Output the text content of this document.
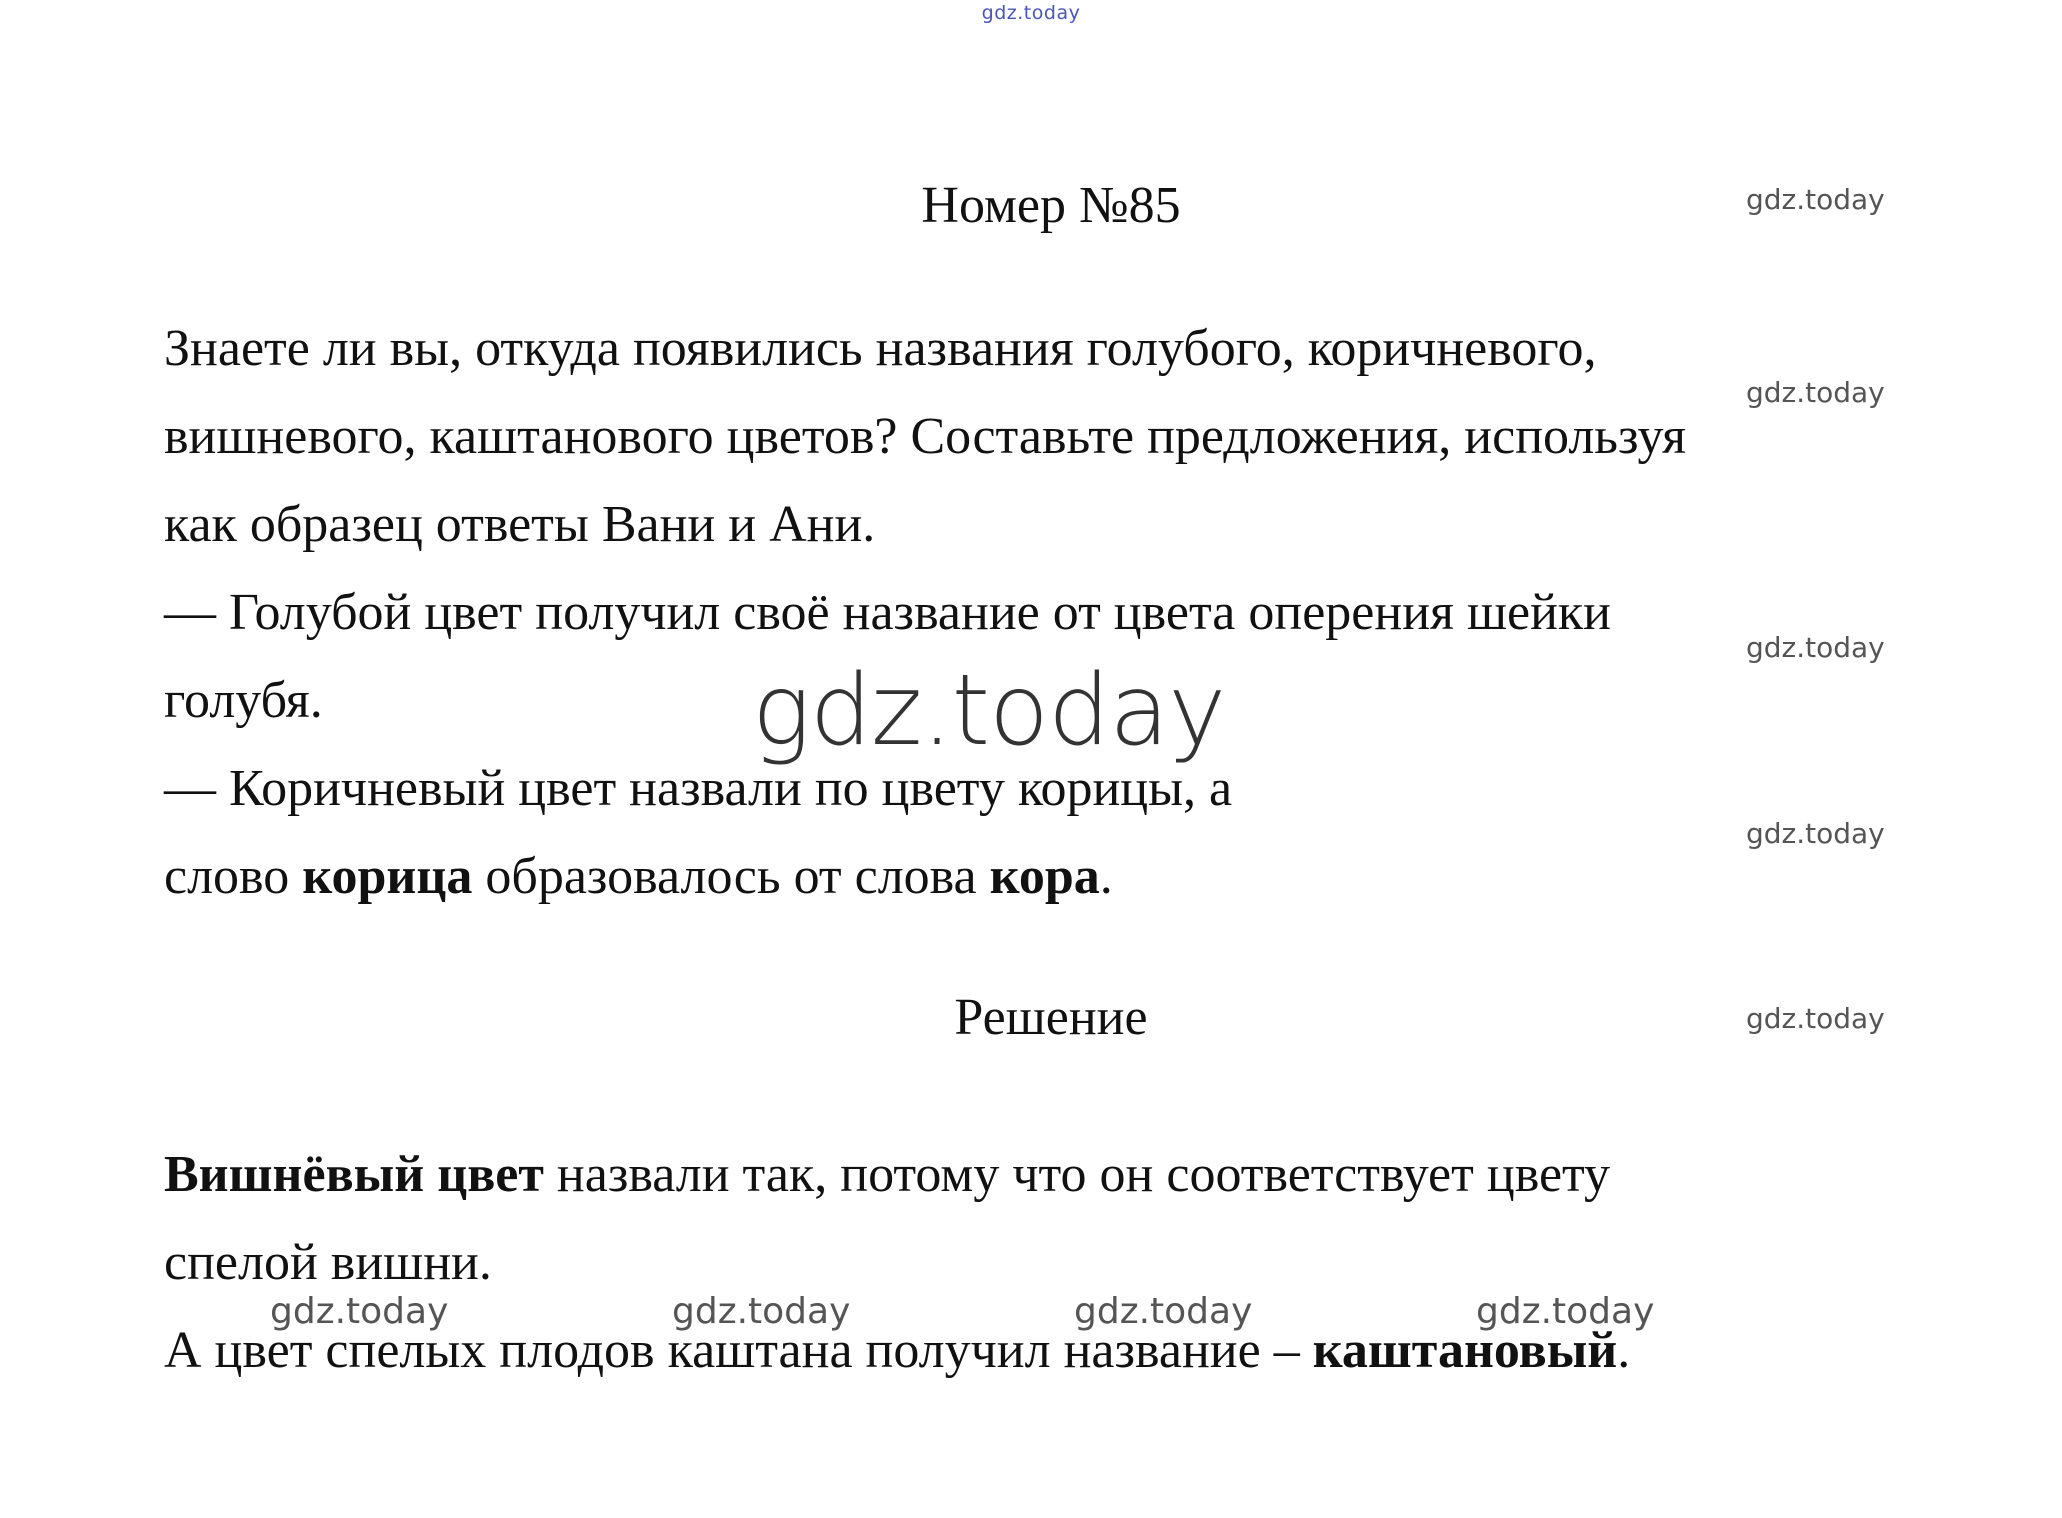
gdz.today
Номер №85

Знаете ли вы, откуда появились названия голубого, коричневого,

вишневого, каштанового цветов? Составьте предложения, используя

как образец ответы Вани и Ани.

— Голубой цвет получил своё название от цвета оперения шейки

голубя.

— Коричневый цвет назвали по цвету корицы, а

слово корица образовалось от слова кора.

Решение

Вишнёвый цвет назвали так, потому что он соответствует цвету

спелой вишни.

А цвет спелых плодов каштана получил название – каштановый.

gdz.today
gdz.today
gdz.today
gdz.today
gdz.today
gdz.today	gdz.today	gdz.today	gdz.today
gdz.today
